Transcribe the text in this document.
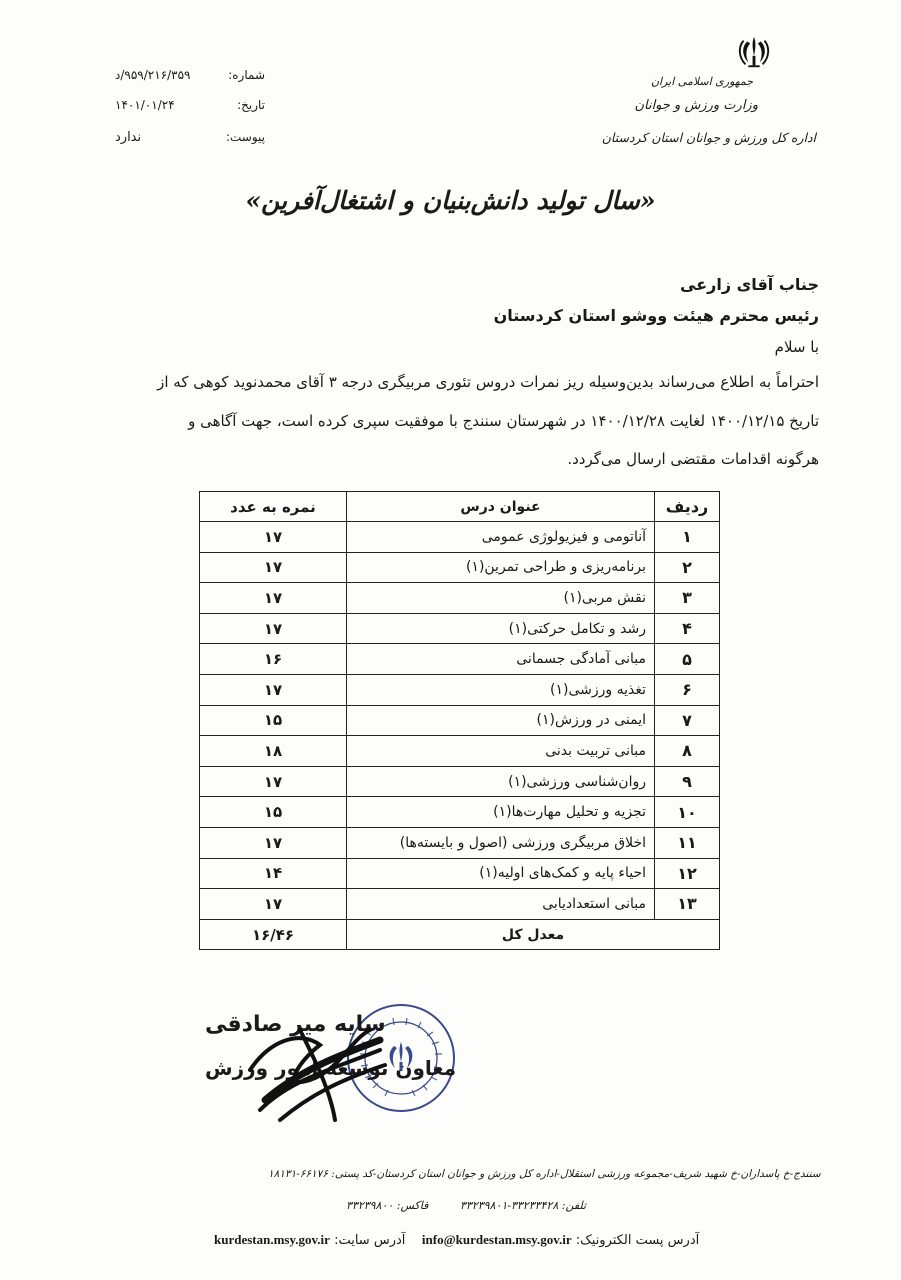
شماره:
۹۵۹/۲۱۶/۳۵۹/د
تاریخ:
۱۴۰۱/۰۱/۲۴
پیوست:
ندارد
جمهوری اسلامی ایران
وزارت ورزش و جوانان
اداره کل ورزش و جوانان استان کردستان
«سال تولید دانش‌بنیان و اشتغال‌آفرین»
جناب آقای زارعی
رئیس محترم هیئت ووشو استان کردستان
با سلام
احتراماً به اطلاع می‌رساند بدین‌وسیله ریز نمرات دروس تئوری مربیگری درجه ۳ آقای محمدنوید کوهی که از
تاریخ ۱۴۰۰/۱۲/۱۵ لغایت ۱۴۰۰/۱۲/۲۸ در شهرستان سنندج با موفقیت سپری کرده است، جهت آگاهی و
هرگونه اقدامات مقتضی ارسال می‌گردد.
ردیف	عنوان درس	نمره به عدد
۱	آناتومی و فیزیولوژی عمومی	۱۷
۲	برنامه‌ریزی و طراحی تمرین(۱)	۱۷
۳	نقش مربی(۱)	۱۷
۴	رشد و تکامل حرکتی(۱)	۱۷
۵	مبانی آمادگی جسمانی	۱۶
۶	تغذیه ورزشی(۱)	۱۷
۷	ایمنی در ورزش(۱)	۱۵
۸	مبانی تربیت بدنی	۱۸
۹	روان‌شناسی ورزشی(۱)	۱۷
۱۰	تجزیه و تحلیل مهارت‌ها(۱)	۱۵
۱۱	اخلاق مربیگری ورزشی (اصول و بایسته‌ها)	۱۷
۱۲	احیاء پایه و کمک‌های اولیه(۱)	۱۴
۱۳	مبانی استعدادیابی	۱۷
معدل کل		۱۶/۴۶
سایه میر صادقی
معاون توسعه امور ورزش
سنندج-خ پاسداران-خ شهید شریف-مجموعه ورزشی استقلال-اداره کل ورزش و جوانان استان کردستان-کد پستی: ۶۶۱۷۶-۱۸۱۳۱
تلفن: ۳۳۲۳۳۴۲۸-۳۳۲۳۹۸۰۱
فاکس: ۳۳۲۳۹۸۰۰
آدرس پست الکترونیک: info@kurdestan.msy.gov.ir    آدرس سایت: kurdestan.msy.gov.ir
